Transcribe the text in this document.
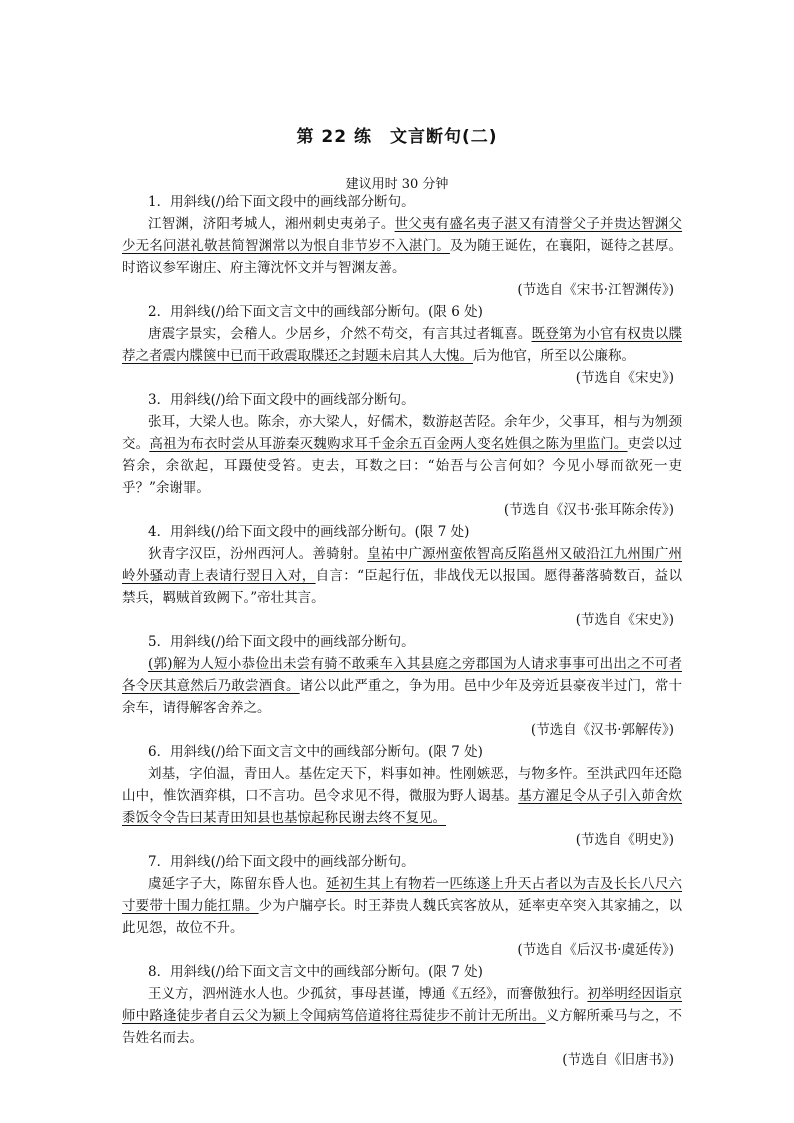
第 22 练　文言断句(二)
建议用时 30 分钟

1．用斜线(/)给下面文段中的画线部分断句。

江智渊，济阳考城人，湘州刺史夷弟子。世父夷有盛名夷子湛又有清誉父子并贵达智渊父少无名问湛礼敬甚简智渊常以为恨自非节岁不入湛门。及为随王诞佐，在襄阳，诞待之甚厚。时谘议参军谢庄、府主簿沈怀文并与智渊友善。

(节选自《宋书·江智渊传》)

2．用斜线(/)给下面文言文中的画线部分断句。(限 6 处)

唐震字景实，会稽人。少居乡，介然不苟交，有言其过者辄喜。既登第为小官有权贵以牒荐之者震内牒箧中已而干政震取牒还之封题未启其人大愧。后为他官，所至以公廉称。

(节选自《宋史》)

3．用斜线(/)给下面文段中的画线部分断句。

张耳，大梁人也。陈余，亦大梁人，好儒术，数游赵苦陉。余年少，父事耳，相与为刎颈交。高祖为布衣时尝从耳游秦灭魏购求耳千金余五百金两人变名姓俱之陈为里监门。吏尝以过笞余，余欲起，耳蹑使受笞。吏去，耳数之曰：“始吾与公言何如？今见小辱而欲死一吏乎？”余谢罪。

(节选自《汉书·张耳陈余传》)

4．用斜线(/)给下面文段中的画线部分断句。(限 7 处)

狄青字汉臣，汾州西河人。善骑射。皇祐中广源州蛮侬智高反陷邕州又破沿江九州围广州岭外骚动青上表请行翌日入对，自言：“臣起行伍，非战伐无以报国。愿得蕃落骑数百，益以禁兵，羁贼首致阙下。”帝壮其言。

(节选自《宋史》)

5．用斜线(/)给下面文段中的画线部分断句。

(郭)解为人短小恭俭出未尝有骑不敢乘车入其县庭之旁郡国为人请求事事可出出之不可者各令厌其意然后乃敢尝酒食。诸公以此严重之，争为用。邑中少年及旁近县豪夜半过门，常十余车，请得解客舍养之。

(节选自《汉书·郭解传》)

6．用斜线(/)给下面文言文中的画线部分断句。(限 7 处)

刘基，字伯温，青田人。基佐定天下，料事如神。性刚嫉恶，与物多忤。至洪武四年还隐山中，惟饮酒弈棋，口不言功。邑令求见不得，微服为野人谒基。基方濯足令从子引入茆舍炊黍饭令令告曰某青田知县也基惊起称民谢去终不复见。

(节选自《明史》)

7．用斜线(/)给下面文段中的画线部分断句。

虞延字子大，陈留东昏人也。延初生其上有物若一匹练遂上升天占者以为吉及长长八尺六寸要带十围力能扛鼎。少为户牖亭长。时王莽贵人魏氏宾客放从，延率吏卒突入其家捕之，以此见怨，故位不升。

(节选自《后汉书·虞延传》)

8．用斜线(/)给下面文言文中的画线部分断句。(限 7 处)

王义方，泗州涟水人也。少孤贫，事母甚谨，博通《五经》，而謇傲独行。初举明经因诣京师中路逢徒步者自云父为颍上令闻病笃倍道将往焉徒步不前计无所出。义方解所乘马与之，不告姓名而去。

(节选自《旧唐书》)
